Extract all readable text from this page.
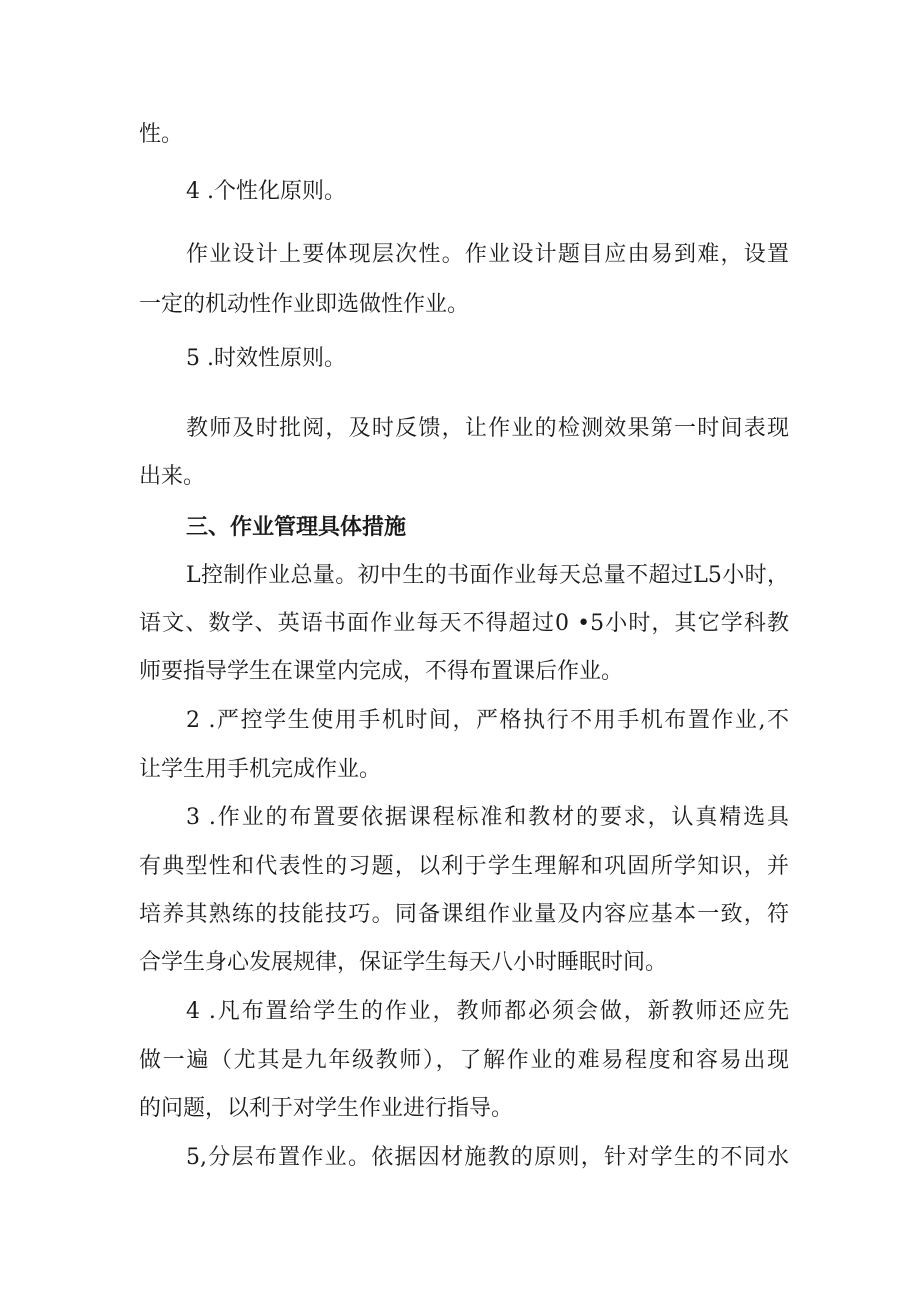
性。
4 .个性化原则。
作业设计上要体现层次性。作业设计题目应由易到难，设置
一定的机动性作业即选做性作业。
5 .时效性原则。
教师及时批阅，及时反馈，让作业的检测效果第一时间表现
出来。
三、作业管理具体措施
L控制作业总量。初中生的书面作业每天总量不超过L5小时，
语文、数学、英语书面作业每天不得超过0 •5小时，其它学科教
师要指导学生在课堂内完成，不得布置课后作业。
2 .严控学生使用手机时间，严格执行不用手机布置作业,不
让学生用手机完成作业。
3 .作业的布置要依据课程标准和教材的要求，认真精选具
有典型性和代表性的习题，以利于学生理解和巩固所学知识，并
培养其熟练的技能技巧。同备课组作业量及内容应基本一致，符
合学生身心发展规律，保证学生每天八小时睡眠时间。
4 .凡布置给学生的作业，教师都必须会做，新教师还应先
做一遍（尤其是九年级教师），了解作业的难易程度和容易出现
的问题，以利于对学生作业进行指导。
5,分层布置作业。依据因材施教的原则，针对学生的不同水
